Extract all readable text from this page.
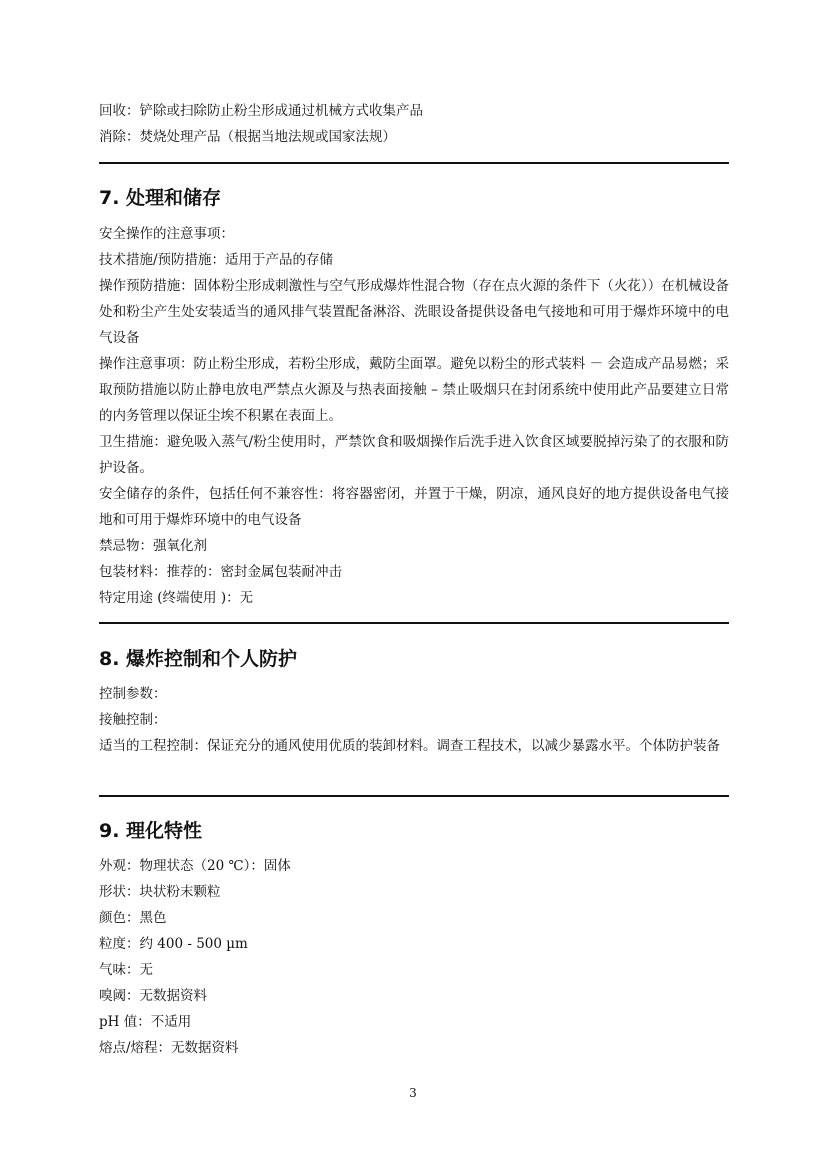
回收：铲除或扫除防止粉尘形成通过机械方式收集产品

消除：焚烧处理产品（根据当地法规或国家法规）

7. 处理和储存

安全操作的注意事项：

技术措施/预防措施：适用于产品的存储

操作预防措施：固体粉尘形成刺激性与空气形成爆炸性混合物（存在点火源的条件下（火花））在机械设备处和粉尘产生处安装适当的通风排气装置配备淋浴、洗眼设备提供设备电气接地和可用于爆炸环境中的电气设备

操作注意事项：防止粉尘形成，若粉尘形成，戴防尘面罩。避免以粉尘的形式装料 － 会造成产品易燃；采取预防措施以防止静电放电严禁点火源及与热表面接触 – 禁止吸烟只在封闭系统中使用此产品要建立日常的内务管理以保证尘埃不积累在表面上。

卫生措施：避免吸入蒸气/粉尘使用时，严禁饮食和吸烟操作后洗手进入饮食区域要脱掉污染了的衣服和防护设备。

安全储存的条件，包括任何不兼容性：将容器密闭，并置于干燥，阴凉，通风良好的地方提供设备电气接地和可用于爆炸环境中的电气设备

禁忌物：强氧化剂

包装材料：推荐的：密封金属包装耐冲击

特定用途 (终端使用 )：无

8. 爆炸控制和个人防护

控制参数：

接触控制：

适当的工程控制：保证充分的通风使用优质的装卸材料。调查工程技术，以减少暴露水平。个体防护装备

9. 理化特性

外观：物理状态（20 ℃）：固体

形状：块状粉末颗粒

颜色：黑色

粒度：约 400 - 500 µm

气味：无

嗅阈：无数据资料

pH 值：不适用

熔点/熔程：无数据资料

3
